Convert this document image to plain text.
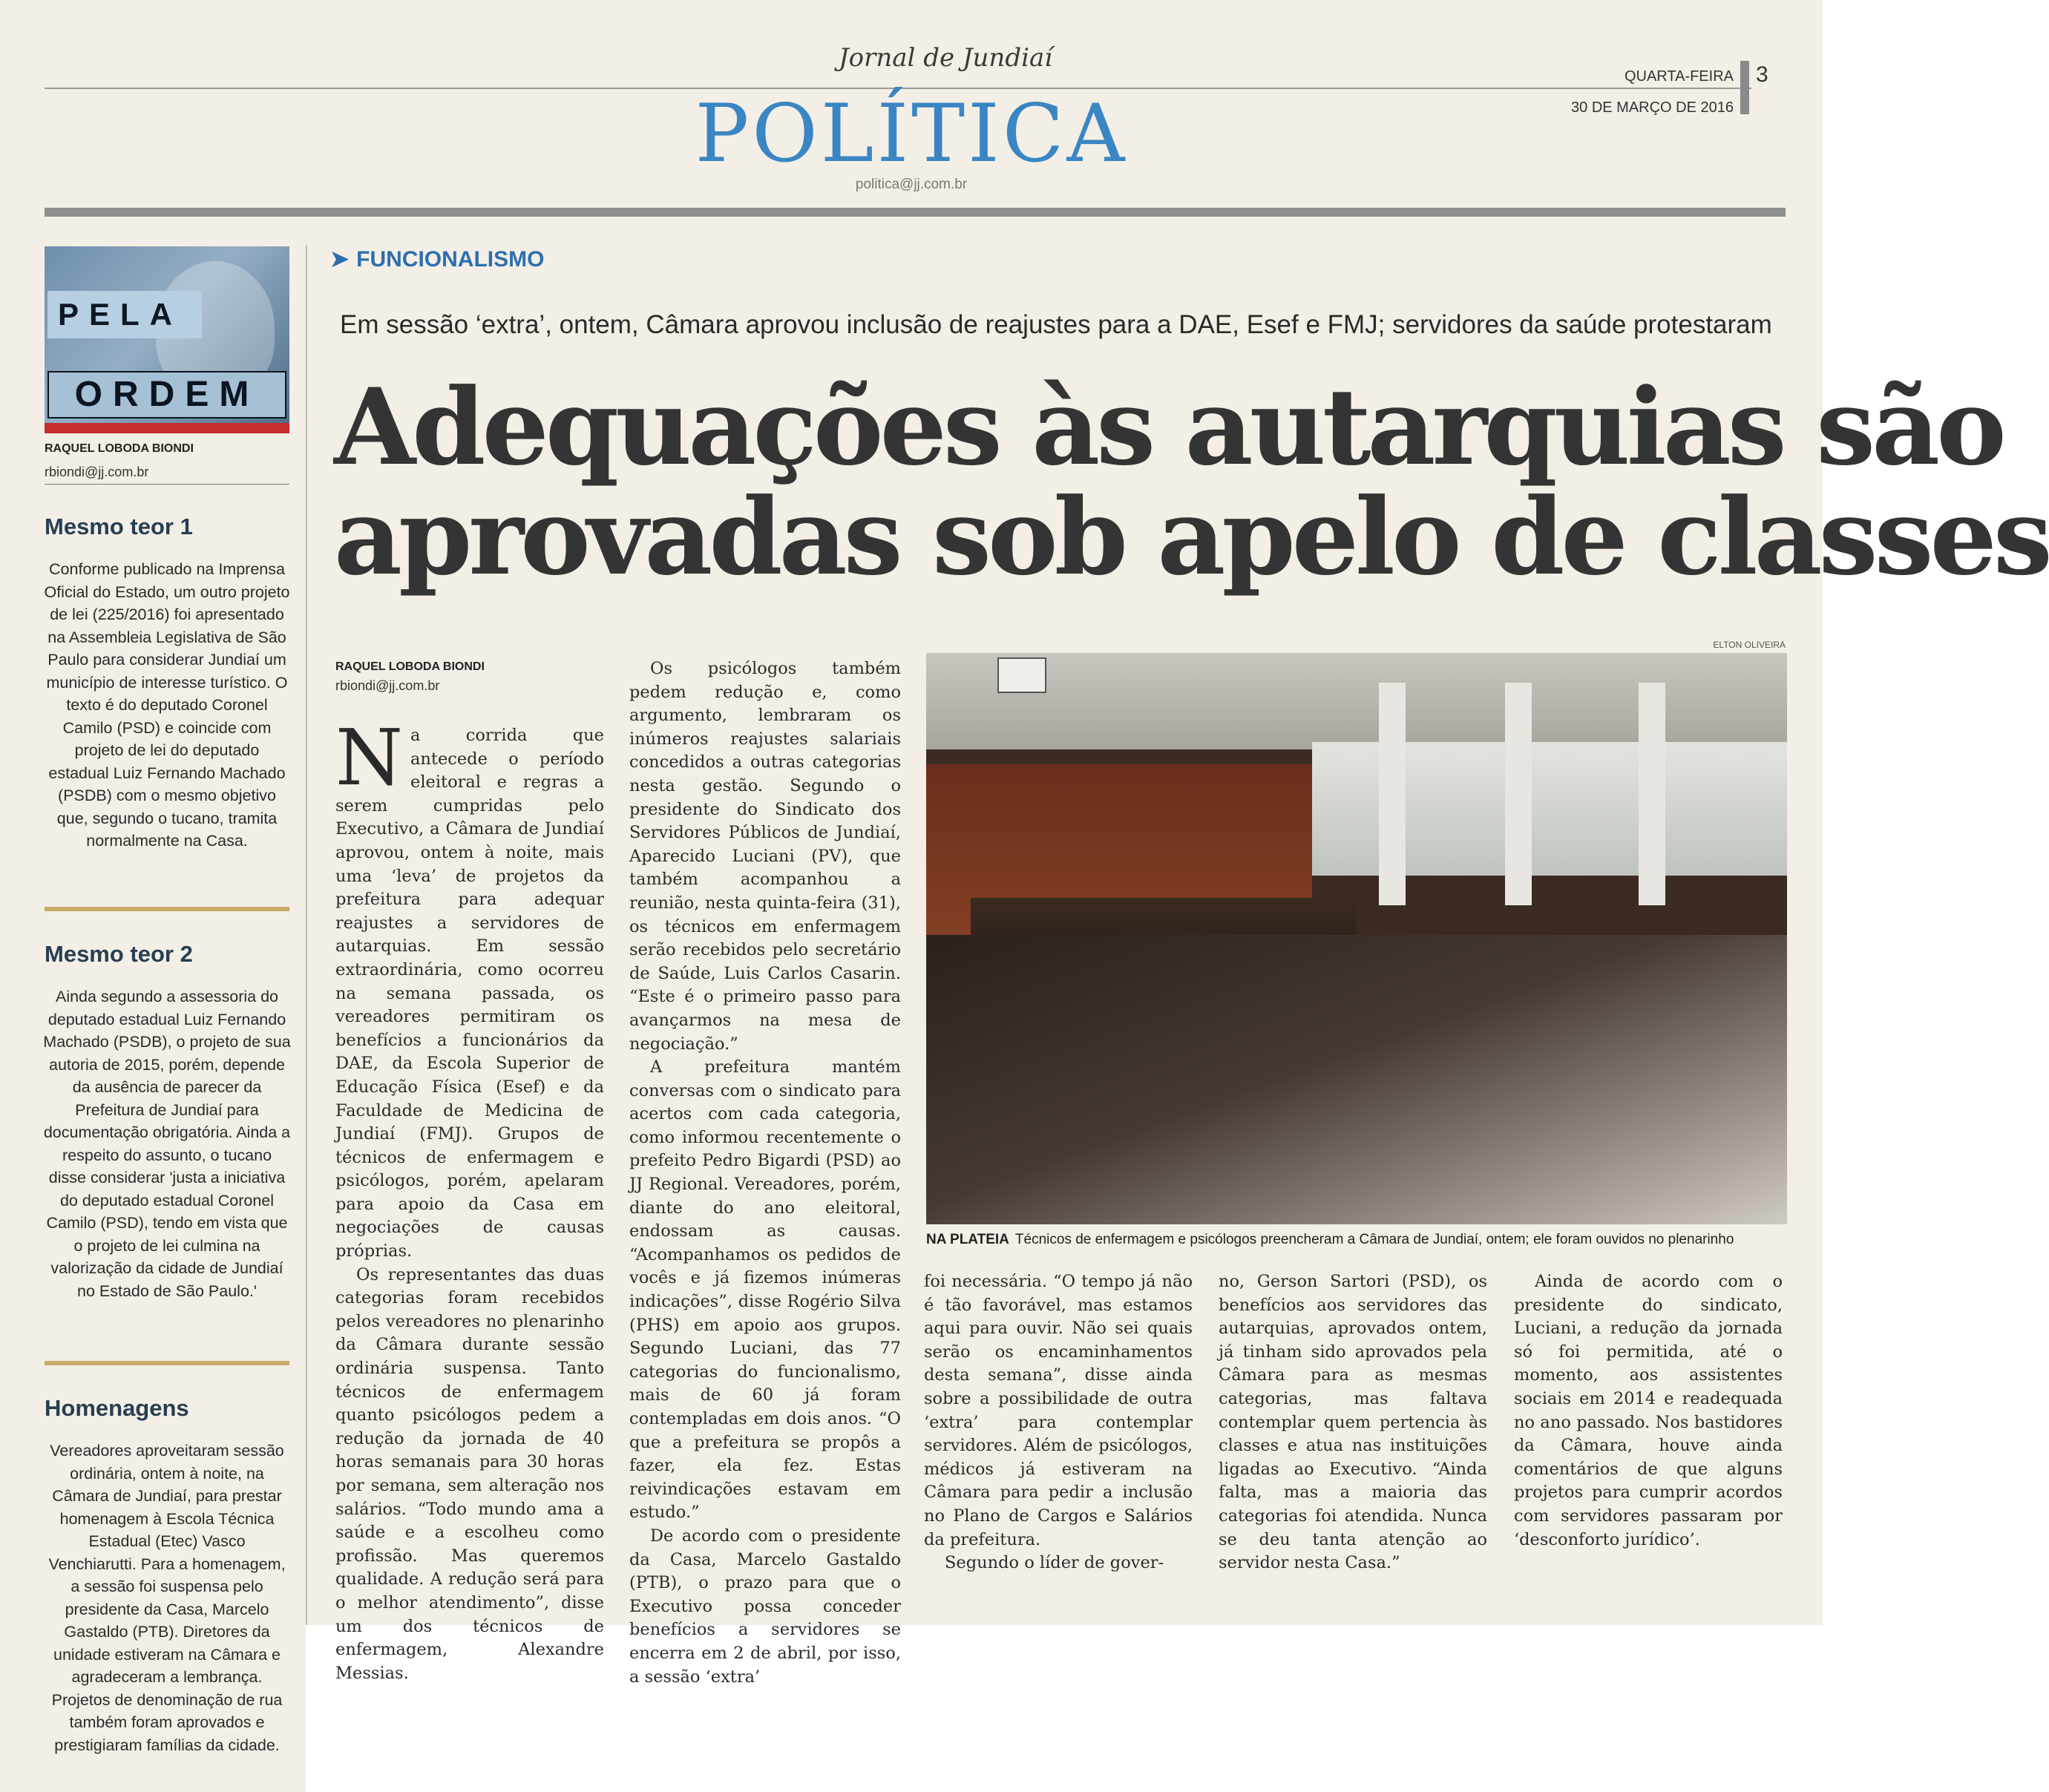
Jornal de Jundiaí
POLÍTICA
politica@jj.com.br
QUARTA-FEIRA
30 DE MARÇO DE 2016
3
PELA
ORDEM
RAQUEL LOBODA BIONDI
rbiondi@jj.com.br
Mesmo teor 1
Conforme publicado na Imprensa Oficial do Estado, um outro projeto de lei (225/2016) foi apresentado na Assembleia Legislativa de São Paulo para considerar Jundiaí um município de interesse turístico. O texto é do deputado Coronel Camilo (PSD) e coincide com projeto de lei do deputado estadual Luiz Fernando Machado (PSDB) com o mesmo objetivo que, segundo o tucano, tramita normalmente na Casa.
Mesmo teor 2
Ainda segundo a assessoria do deputado estadual Luiz Fernando Machado (PSDB), o projeto de sua autoria de 2015, porém, depende da ausência de parecer da Prefeitura de Jundiaí para documentação obrigatória. Ainda a respeito do assunto, o tucano disse considerar 'justa a iniciativa do deputado estadual Coronel Camilo (PSD), tendo em vista que o projeto de lei culmina na valorização da cidade de Jundiaí no Estado de São Paulo.'
Homenagens
Vereadores aproveitaram sessão ordinária, ontem à noite, na Câmara de Jundiaí, para prestar homenagem à Escola Técnica Estadual (Etec) Vasco Venchiarutti. Para a homenagem, a sessão foi suspensa pelo presidente da Casa, Marcelo Gastaldo (PTB). Diretores da unidade estiveram na Câmara e agradeceram a lembrança. Projetos de denominação de rua também foram aprovados e prestigiaram famílias da cidade.
➤ FUNCIONALISMO
Em sessão ‘extra’, ontem, Câmara aprovou inclusão de reajustes para a DAE, Esef e FMJ; servidores da saúde protestaram
Adequações às autarquias são
aprovadas sob apelo de classes
RAQUEL LOBODA BIONDI
rbiondi@jj.com.br

Na corrida que antecede o período eleitoral e regras a serem cumpridas pelo Executivo, a Câmara de Jundiaí aprovou, ontem à noite, mais uma ‘leva’ de projetos da prefeitura para adequar reajustes a servidores de autarquias. Em sessão extraordinária, como ocorreu na semana passada, os vereadores permitiram os benefícios a funcionários da DAE, da Escola Superior de Educação Física (Esef) e da Faculdade de Medicina de Jundiaí (FMJ). Grupos de técnicos de enfermagem e psicólogos, porém, apelaram para apoio da Casa em negociações de causas próprias.

Os representantes das duas categorias foram recebidos pelos vereadores no plenarinho da Câmara durante sessão ordinária suspensa. Tanto técnicos de enfermagem quanto psicólogos pedem a redução da jornada de 40 horas semanais para 30 horas por semana, sem alteração nos salários. “Todo mundo ama a saúde e a escolheu como profissão. Mas queremos qualidade. A redução será para o melhor atendimento”, disse um dos técnicos de enfermagem, Alexandre Messias.

Os psicólogos também pedem redução e, como argumento, lembraram os inúmeros reajustes salariais concedidos a outras categorias nesta gestão. Segundo o presidente do Sindicato dos Servidores Públicos de Jundiaí, Aparecido Luciani (PV), que também acompanhou a reunião, nesta quinta-feira (31), os técnicos em enfermagem serão recebidos pelo secretário de Saúde, Luis Carlos Casarin. “Este é o primeiro passo para avançarmos na mesa de negociação.”

A prefeitura mantém conversas com o sindicato para acertos com cada categoria, como informou recentemente o prefeito Pedro Bigardi (PSD) ao JJ Regional. Vereadores, porém, diante do ano eleitoral, endossam as causas. “Acompanhamos os pedidos de vocês e já fizemos inúmeras indicações”, disse Rogério Silva (PHS) em apoio aos grupos. Segundo Luciani, das 77 categorias do funcionalismo, mais de 60 já foram contempladas em dois anos. “O que a prefeitura se propôs a fazer, ela fez. Estas reivindicações estavam em estudo.”

De acordo com o presidente da Casa, Marcelo Gastaldo (PTB), o prazo para que o Executivo possa conceder benefícios a servidores se encerra em 2 de abril, por isso, a sessão ‘extra’

ELTON OLIVEIRA
NA PLATEIA Técnicos de enfermagem e psicólogos preencheram a Câmara de Jundiaí, ontem; ele foram ouvidos no plenarinho

foi necessária. “O tempo já não é tão favorável, mas estamos aqui para ouvir. Não sei quais serão os encaminhamentos desta semana”, disse ainda sobre a possibilidade de outra ‘extra’ para contemplar servidores. Além de psicólogos, médicos já estiveram na Câmara para pedir a inclusão no Plano de Cargos e Salários da prefeitura.

Segundo o líder de gover-

no, Gerson Sartori (PSD), os benefícios aos servidores das autarquias, aprovados ontem, já tinham sido aprovados pela Câmara para as mesmas categorias, mas faltava contemplar quem pertencia às classes e atua nas instituições ligadas ao Executivo. “Ainda falta, mas a maioria das categorias foi atendida. Nunca se deu tanta atenção ao servidor nesta Casa.”

Ainda de acordo com o presidente do sindicato, Luciani, a redução da jornada só foi permitida, até o momento, aos assistentes sociais em 2014 e readequada no ano passado. Nos bastidores da Câmara, houve ainda comentários de que alguns projetos para cumprir acordos com servidores passaram por ‘desconforto jurídico’.
